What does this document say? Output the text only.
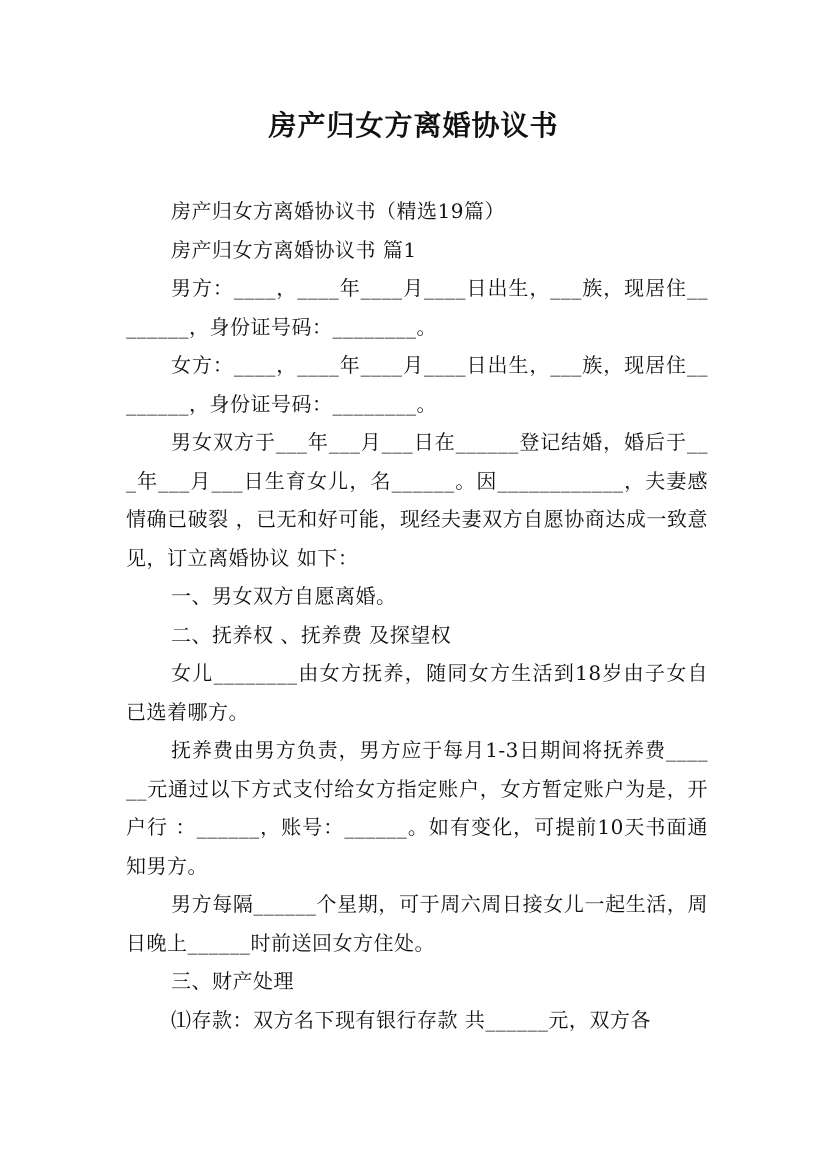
房产归女方离婚协议书

房产归女方离婚协议书（精选19篇）

房产归女方离婚协议书 篇1

男方：____，____年____月____日出生，___族，现居住________，身份证号码：________。

女方：____，____年____月____日出生，___族，现居住________，身份证号码：________。

男女双方于___年___月___日在______登记结婚，婚后于___年___月___日生育女儿，名______。因____________，夫妻感情确已破裂 ，已无和好可能，现经夫妻双方自愿协商达成一致意见，订立离婚协议 如下：

一、男女双方自愿离婚。

二、抚养权 、抚养费 及探望权

女儿________由女方抚养，随同女方生活到18岁由子女自已选着哪方。

抚养费由男方负责，男方应于每月1-3日期间将抚养费______元通过以下方式支付给女方指定账户，女方暂定账户为是，开户行 ：______，账号：______。如有变化，可提前10天书面通知男方。

男方每隔______个星期，可于周六周日接女儿一起生活，周日晚上______时前送回女方住处。

三、财产处理

⑴存款：双方名下现有银行存款 共______元，双方各
